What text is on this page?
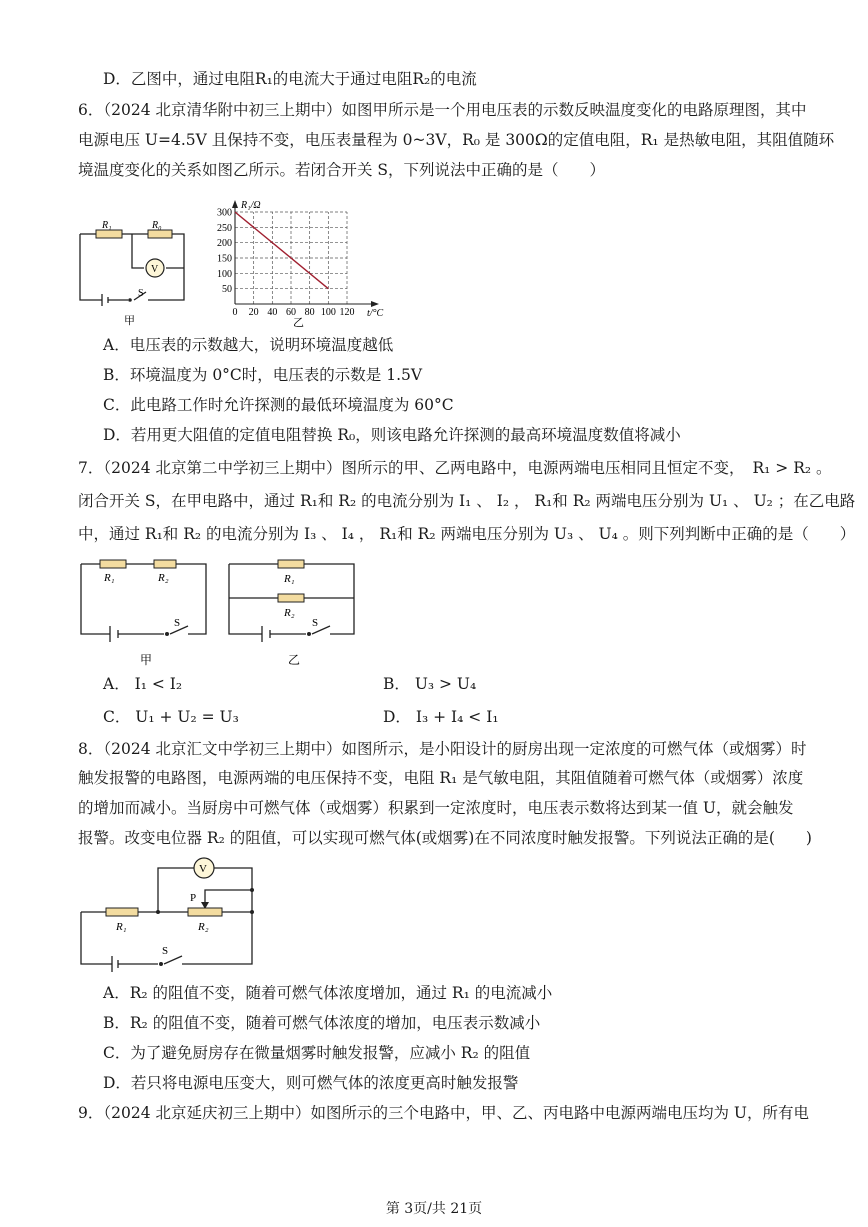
D．乙图中，通过电阻R₁的电流大于通过电阻R₂的电流
6．（2024 北京清华附中初三上期中）如图甲所示是一个用电压表的示数反映温度变化的电路原理图，其中
电源电压 U=4.5V 且保持不变，电压表量程为 0~3V，R₀ 是 300Ω的定值电阻，R₁ 是热敏电阻，其阻值随环
境温度变化的关系如图乙所示。若闭合开关 S，下列说法中正确的是（　　）
R₁	R₀
V
S
甲
0 20 40 60 80 100 120
50
100
150
200
250
300
R₁/Ω
t/°C
乙
A．电压表的示数越大，说明环境温度越低
B．环境温度为 0°C时，电压表的示数是 1.5V
C．此电路工作时允许探测的最低环境温度为 60°C
D．若用更大阻值的定值电阻替换 R₀，则该电路允许探测的最高环境温度数值将减小
7．（2024 北京第二中学初三上期中）图所示的甲、乙两电路中，电源两端电压相同且恒定不变， R₁ > R₂ 。
闭合开关 S，在甲电路中，通过 R₁和 R₂ 的电流分别为 I₁ 、 I₂ ， R₁和 R₂ 两端电压分别为 U₁ 、 U₂ ；在乙电路
中，通过 R₁和 R₂ 的电流分别为 I₃ 、 I₄ ， R₁和 R₂ 两端电压分别为 U₃ 、 U₄ 。则下列判断中正确的是（　　）
R₁	R₂
S
甲
R₁
R₂
S
乙
A． I₁ < I₂	B． U₃ > U₄
C． U₁ + U₂ = U₃	D． I₃ + I₄ < I₁
8．（2024 北京汇文中学初三上期中）如图所示，是小阳设计的厨房出现一定浓度的可燃气体（或烟雾）时
触发报警的电路图，电源两端的电压保持不变，电阻 R₁ 是气敏电阻，其阻值随着可燃气体（或烟雾）浓度
的增加而减小。当厨房中可燃气体（或烟雾）积累到一定浓度时，电压表示数将达到某一值 U，就会触发
报警。改变电位器 R₂ 的阻值，可以实现可燃气体(或烟雾)在不同浓度时触发报警。下列说法正确的是(　　)
V
P
R₁	R₂
S
A．R₂ 的阻值不变，随着可燃气体浓度增加，通过 R₁ 的电流减小
B．R₂ 的阻值不变，随着可燃气体浓度的增加，电压表示数减小
C．为了避免厨房存在微量烟雾时触发报警，应减小 R₂ 的阻值
D．若只将电源电压变大，则可燃气体的浓度更高时触发报警
9．（2024 北京延庆初三上期中）如图所示的三个电路中，甲、乙、丙电路中电源两端电压均为 U，所有电
第 3页/共 21页
